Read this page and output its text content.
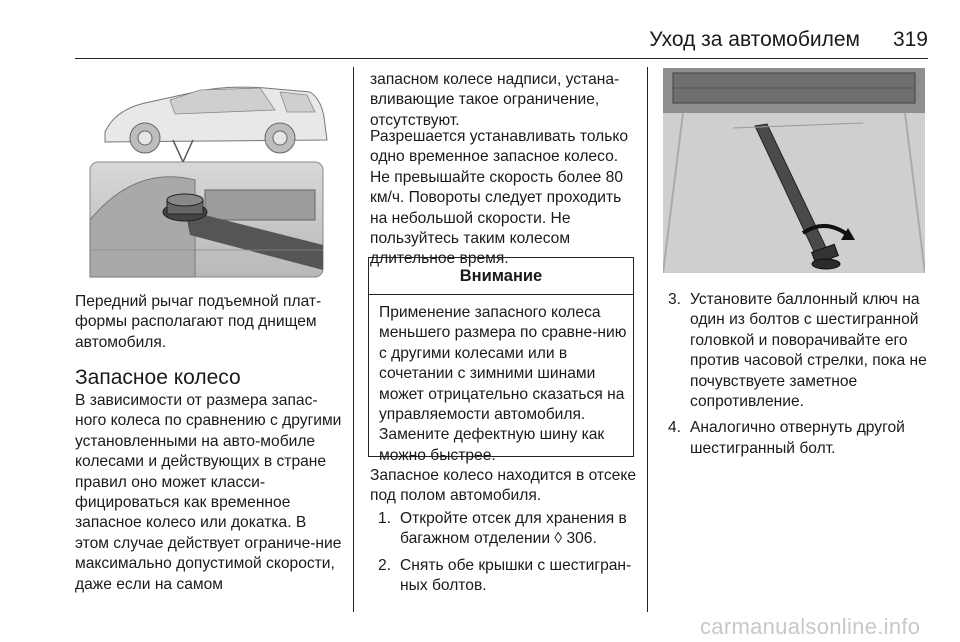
Уход за автомобилем	319

Передний рычаг подъемной плат-формы располагают под днищем автомобиля.

Запасное колесо

В зависимости от размера запас-ного колеса по сравнению с другими установленными на авто-мобиле колесами и действующих в стране правил оно может класси-фицироваться как временное запасное колесо или докатка. В этом случае действует ограниче-ние максимально допустимой скорости, даже если на самом

запасном колесе надписи, устана-вливающие такое ограничение, отсутствуют.

Разрешается устанавливать только одно временное запасное колесо. Не превышайте скорость более 80 км/ч. Повороты следует проходить на небольшой скорости. Не пользуйтесь таким колесом длительное время.

Внимание

Применение запасного колеса меньшего размера по сравне-нию с другими колесами или в сочетании с зимними шинами может отрицательно сказаться на управляемости автомобиля. Замените дефектную шину как можно быстрее.

Запасное колесо находится в отсеке под полом автомобиля.

1. Откройте отсек для хранения в багажном отделении ◊ 306.
2. Снять обе крышки с шестигран-ных болтов.
3. Установите баллонный ключ на один из болтов с шестигранной головкой и поворачивайте его против часовой стрелки, пока не почувствуете заметное сопротивление.
4. Аналогично отвернуть другой шестигранный болт.
carmanualsonline.info
